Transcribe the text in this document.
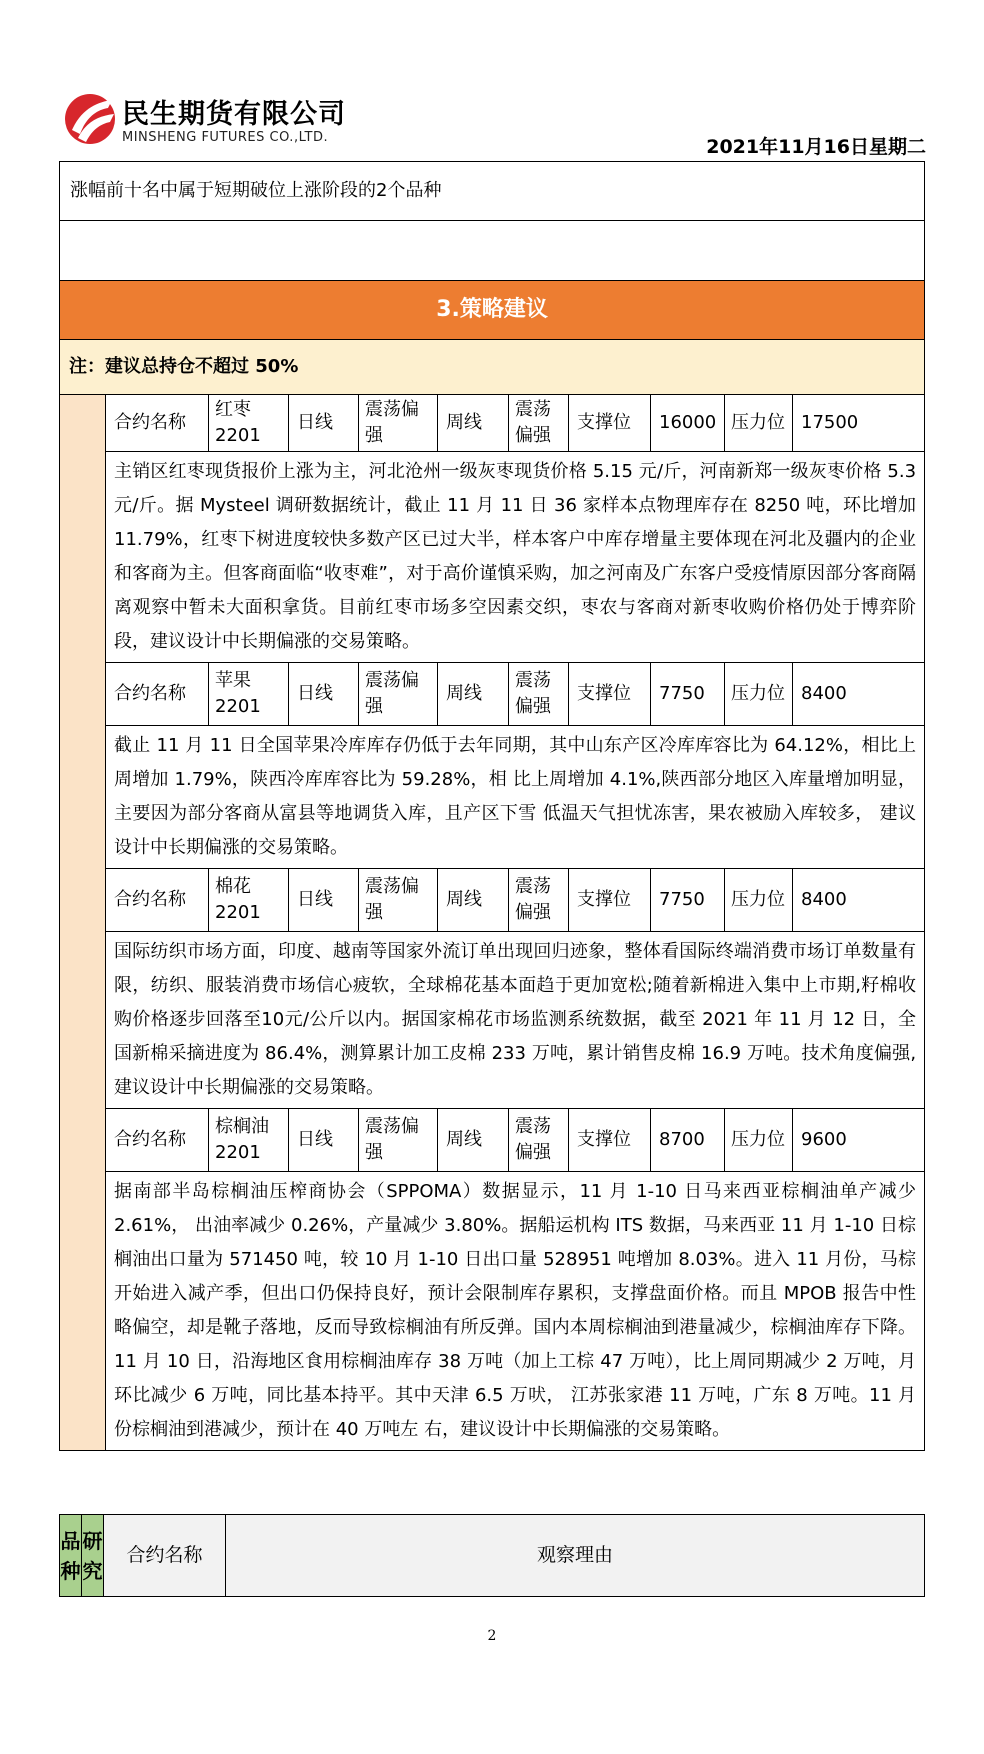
民生期货有限公司
MINSHENG FUTURES CO.,LTD.	2021年11月16日星期二
涨幅前十名中属于短期破位上涨阶段的2个品种										

3.策略建议										
注：建议总持仓不超过 50%										
	合约名称	红枣2201	日线	震荡偏强	周线	震荡偏强	支撑位	16000	压力位	17500
	主销区红枣现货报价上涨为主，河北沧州一级灰枣现货价格 5.15 元/斤，河南新郑一级灰枣价格 5.3 元/斤。据 Mysteel 调研数据统计，截止 11 月 11 日 36 家样本点物理库存在 8250 吨，环比增加 11.79%，红枣下树进度较快多数产区已过大半，样本客户中库存增量主要体现在河北及疆内的企业和客商为主。但客商面临“收枣难”，对于高价谨慎采购，加之河南及广东客户受疫情原因部分客商隔离观察中暂未大面积拿货。目前红枣市场多空因素交织，枣农与客商对新枣收购价格仍处于博弈阶段，建议设计中长期偏涨的交易策略。									
	合约名称	苹果2201	日线	震荡偏强	周线	震荡偏强	支撑位	7750	压力位	8400
	截止 11 月 11 日全国苹果冷库库存仍低于去年同期，其中山东产区冷库库容比为 64.12%，相比上周增加 1.79%，陕西冷库库容比为 59.28%，相 比上周增加 4.1%,陕西部分地区入库量增加明显，主要因为部分客商从富县等地调货入库，且产区下雪 低温天气担忧冻害，果农被励入库较多， 建议设计中长期偏涨的交易策略。									
	合约名称	棉花2201	日线	震荡偏强	周线	震荡偏强	支撑位	7750	压力位	8400
	国际纺织市场方面，印度、越南等国家外流订单出现回归迹象，整体看国际终端消费市场订单数量有限，纺织、服装消费市场信心疲软，全球棉花基本面趋于更加宽松;随着新棉进入集中上市期,籽棉收购价格逐步回落至10元/公斤以内。据国家棉花市场监测系统数据，截至 2021 年 11 月 12 日，全国新棉采摘进度为 86.4%，测算累计加工皮棉 233 万吨，累计销售皮棉 16.9 万吨。技术角度偏强,建议设计中长期偏涨的交易策略。									
	合约名称	棕榈油2201	日线	震荡偏强	周线	震荡偏强	支撑位	8700	压力位	9600
	据南部半岛棕榈油压榨商协会（SPPOMA）数据显示，11 月 1-10 日马来西亚棕榈油单产减少 2.61%， 出油率减少 0.26%，产量减少 3.80%。据船运机构 ITS 数据，马来西亚 11 月 1-10 日棕榈油出口量为 571450 吨，较 10 月 1-10 日出口量 528951 吨增加 8.03%。进入 11 月份，马棕开始进入减产季，但出口仍保持良好，预计会限制库存累积，支撑盘面价格。而且 MPOB 报告中性略偏空，却是靴子落地，反而导致棕榈油有所反弹。国内本周棕榈油到港量减少，棕榈油库存下降。11 月 10 日，沿海地区食用棕榈油库存 38 万吨（加上工棕 47 万吨），比上周同期减少 2 万吨，月环比减少 6 万吨，同比基本持平。其中天津 6.5 万吠， 江苏张家港 11 万吨，广东 8 万吨。11 月份棕榈油到港减少，预计在 40 万吨左 右，建议设计中长期偏涨的交易策略。									
品种	研究	合约名称	观察理由
2
